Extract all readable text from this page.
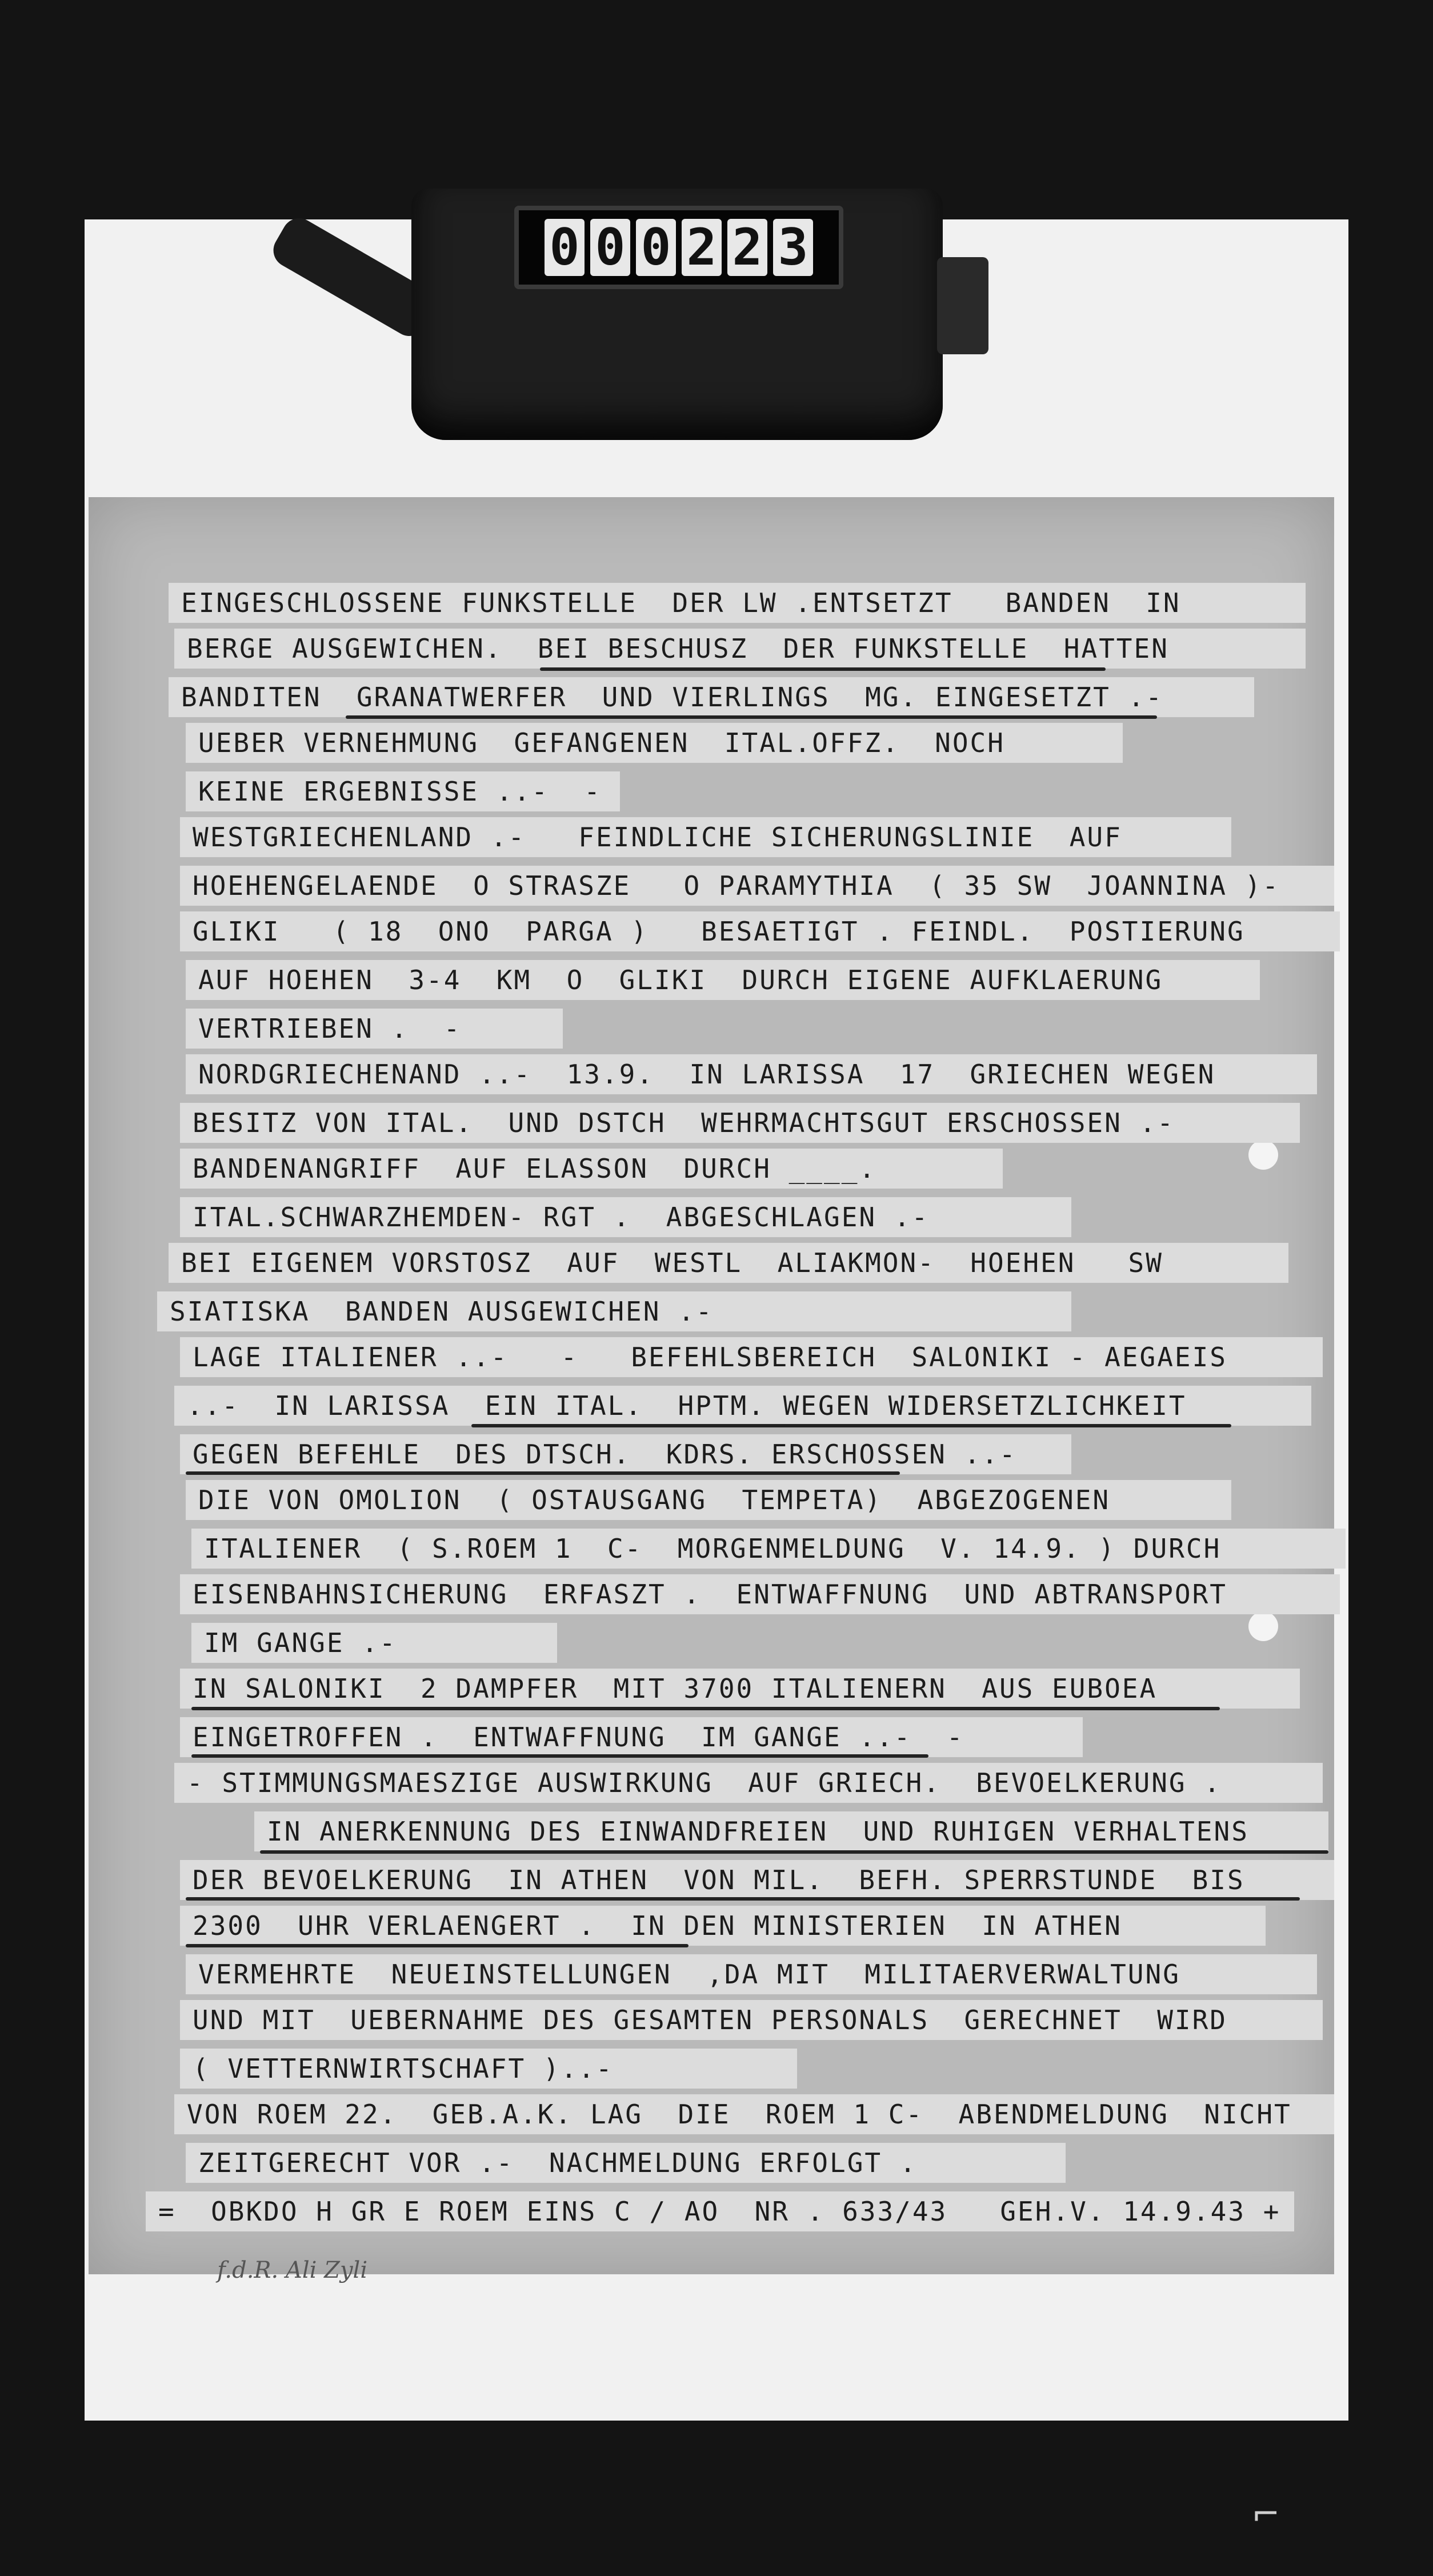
0 0 0 2 2 3
EINGESCHLOSSENE FUNKSTELLE  DER LW .ENTSETZT   BANDEN  IN
BERGE AUSGEWICHEN.  BEI BESCHUSZ  DER FUNKSTELLE  HATTEN
BANDITEN  GRANATWERFER  UND VIERLINGS  MG. EINGESETZT .-
UEBER VERNEHMUNG  GEFANGENEN  ITAL.OFFZ.  NOCH
KEINE ERGEBNISSE ..-  -
WESTGRIECHENLAND .-   FEINDLICHE SICHERUNGSLINIE  AUF
HOEHENGELAENDE  O STRASZE   O PARAMYTHIA  ( 35 SW  JOANNINA )-
GLIKI   ( 18  ONO  PARGA )   BESAETIGT . FEINDL.  POSTIERUNG
AUF HOEHEN  3-4  KM  O  GLIKI  DURCH EIGENE AUFKLAERUNG
VERTRIEBEN .  -
NORDGRIECHENAND ..-  13.9.  IN LARISSA  17  GRIECHEN WEGEN
BESITZ VON ITAL.  UND DSTCH  WEHRMACHTSGUT ERSCHOSSEN .-
BANDENANGRIFF  AUF ELASSON  DURCH ____.
ITAL.SCHWARZHEMDEN- RGT .  ABGESCHLAGEN .-
BEI EIGENEM VORSTOSZ  AUF  WESTL  ALIAKMON-  HOEHEN   SW
SIATISKA  BANDEN AUSGEWICHEN .-
LAGE ITALIENER ..-   -   BEFEHLSBEREICH  SALONIKI - AEGAEIS
..-  IN LARISSA  EIN ITAL.  HPTM. WEGEN WIDERSETZLICHKEIT
GEGEN BEFEHLE  DES DTSCH.  KDRS. ERSCHOSSEN ..-
DIE VON OMOLION  ( OSTAUSGANG  TEMPETA)  ABGEZOGENEN
ITALIENER  ( S.ROEM 1  C-  MORGENMELDUNG  V. 14.9. ) DURCH
EISENBAHNSICHERUNG  ERFASZT .  ENTWAFFNUNG  UND ABTRANSPORT
IM GANGE .-
IN SALONIKI  2 DAMPFER  MIT 3700 ITALIENERN  AUS EUBOEA
EINGETROFFEN .  ENTWAFFNUNG  IM GANGE ..-  -
- STIMMUNGSMAESZIGE AUSWIRKUNG  AUF GRIECH.  BEVOELKERUNG .
IN ANERKENNUNG DES EINWANDFREIEN  UND RUHIGEN VERHALTENS
DER BEVOELKERUNG  IN ATHEN  VON MIL.  BEFH. SPERRSTUNDE  BIS
2300  UHR VERLAENGERT .  IN DEN MINISTERIEN  IN ATHEN
VERMEHRTE  NEUEINSTELLUNGEN  ,DA MIT  MILITAERVERWALTUNG
UND MIT  UEBERNAHME DES GESAMTEN PERSONALS  GERECHNET  WIRD
( VETTERNWIRTSCHAFT )..-
VON ROEM 22.  GEB.A.K. LAG  DIE  ROEM 1 C-  ABENDMELDUNG  NICHT
ZEITGERECHT VOR .-  NACHMELDUNG ERFOLGT .
=  OBKDO H GR E ROEM EINS C / AO  NR . 633/43   GEH.V. 14.9.43 +
f.d.R. Ali Zyli
⌐
